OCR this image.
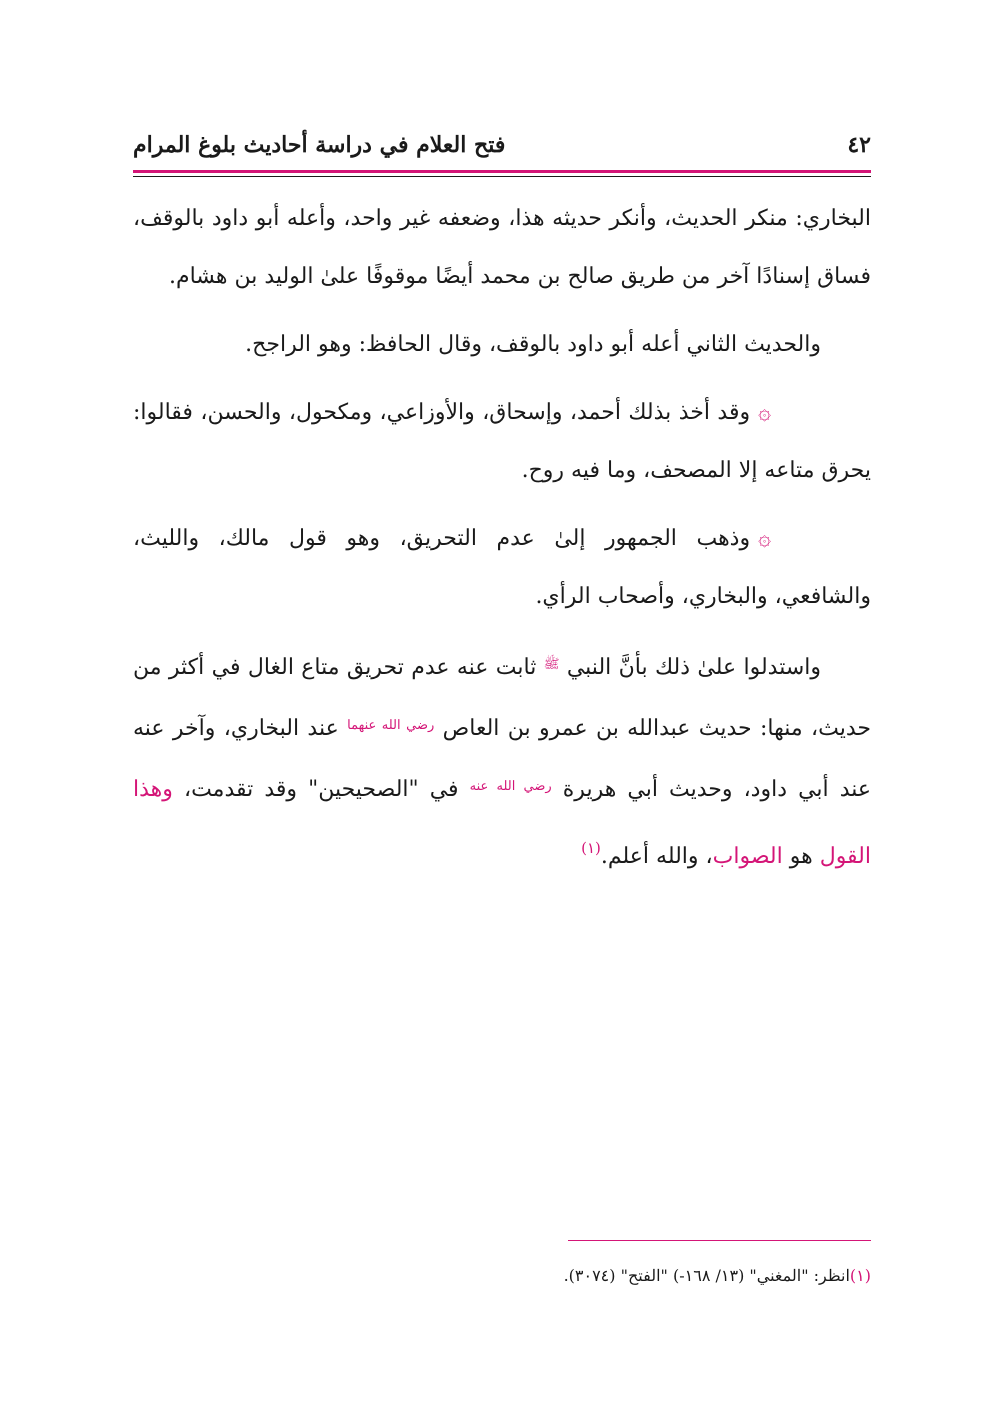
٤٢
فتح العلام في دراسة أحاديث بلوغ المرام

البخاري: منكر الحديث، وأنكر حديثه هذا، وضعفه غير واحد، وأعله أبو داود بالوقف، فساق إسنادًا آخر من طريق صالح بن محمد أيضًا موقوفًا علىٰ الوليد بن هشام.

والحديث الثاني أعله أبو داود بالوقف، وقال الحافظ: وهو الراجح.

۞وقد أخذ بذلك أحمد، وإسحاق، والأوزاعي، ومكحول، والحسن، فقالوا: يحرق متاعه إلا المصحف، وما فيه روح.

۞وذهب الجمهور إلىٰ عدم التحريق، وهو قول مالك، والليث، والشافعي، والبخاري، وأصحاب الرأي.

واستدلوا علىٰ ذلك بأنَّ النبي $^ﷺ$ ثابت عنه عدم تحريق متاع الغال في أكثر من حديث، منها: حديث عبدالله بن عمرو بن العاص $^{رضي الله عنهما}$ عند البخاري، وآخر عنه عند أبي داود، وحديث أبي هريرة $^{رضي الله عنه}$ في "الصحيحين" وقد تقدمت، وهذا القول هو الصواب، والله أعلم.$^{(١)}$

(١)انظر: "المغني" (١٣/ ١٦٨-) "الفتح" (٣٠٧٤).
